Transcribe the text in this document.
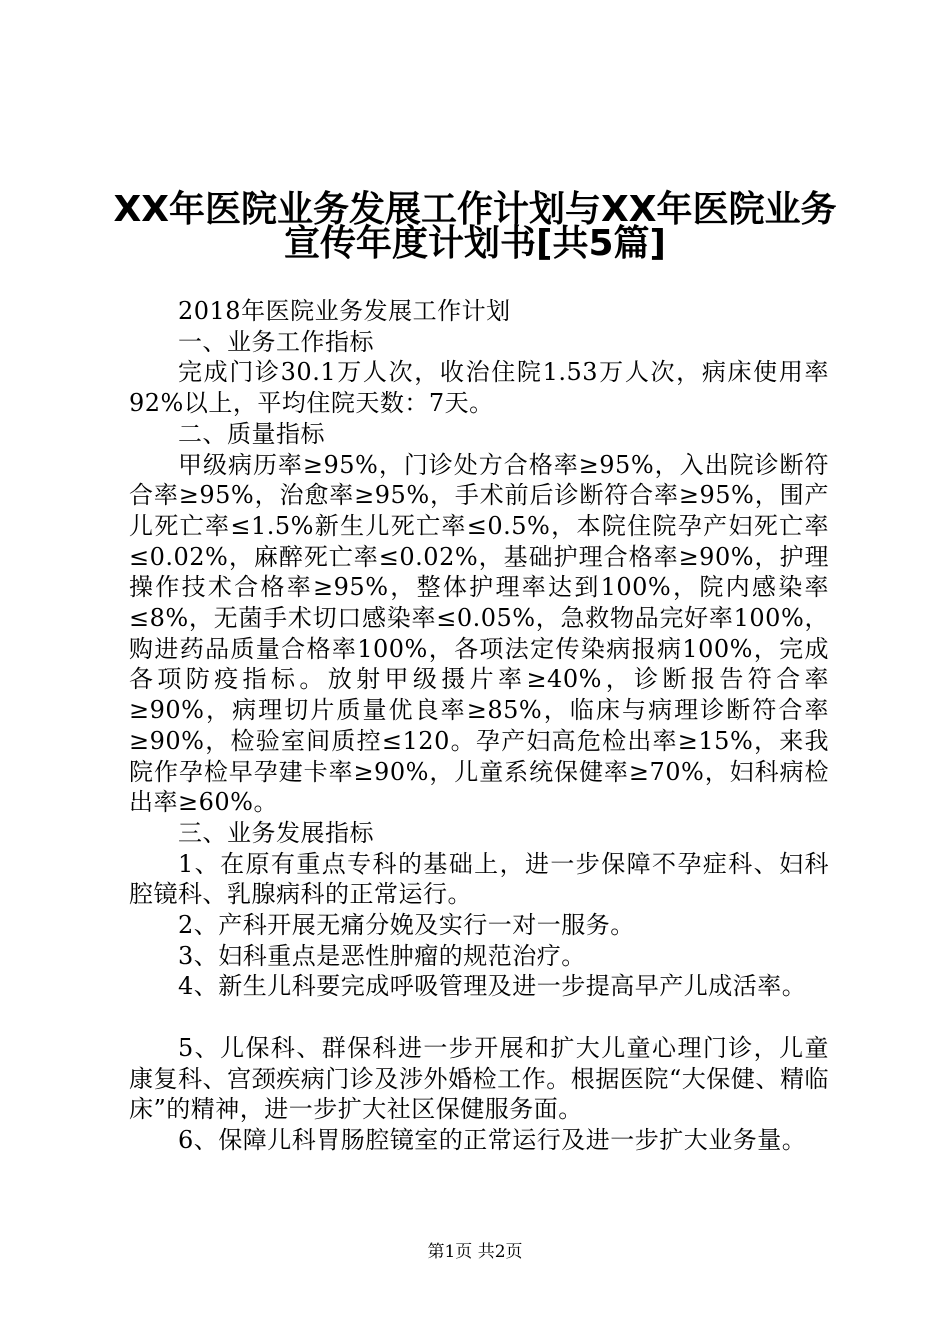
XX年医院业务发展工作计划与XX年医院业务
宣传年度计划书[共5篇]

2018年医院业务发展工作计划

一、业务工作指标

完成门诊30.1万人次，收治住院1.53万人次，病床使用率92%以上，平均住院天数：7天。

二、质量指标

甲级病历率≥95%，门诊处方合格率≥95%，入出院诊断符合率≥95%，治愈率≥95%，手术前后诊断符合率≥95%，围产儿死亡率≤1.5%新生儿死亡率≤0.5%，本院住院孕产妇死亡率≤0.02%，麻醉死亡率≤0.02%，基础护理合格率≥90%，护理操作技术合格率≥95%，整体护理率达到100%，院内感染率≤8%，无菌手术切口感染率≤0.05%，急救物品完好率100%，购进药品质量合格率100%，各项法定传染病报病100%，完成各项防疫指标。放射甲级摄片率≥40%，诊断报告符合率≥90%，病理切片质量优良率≥85%，临床与病理诊断符合率≥90%，检验室间质控≤120。孕产妇高危检出率≥15%，来我院作孕检早孕建卡率≥90%，儿童系统保健率≥70%，妇科病检出率≥60%。

三、业务发展指标

1、在原有重点专科的基础上，进一步保障不孕症科、妇科腔镜科、乳腺病科的正常运行。

2、产科开展无痛分娩及实行一对一服务。

3、妇科重点是恶性肿瘤的规范治疗。

4、新生儿科要完成呼吸管理及进一步提高早产儿成活率。

5、儿保科、群保科进一步开展和扩大儿童心理门诊，儿童康复科、宫颈疾病门诊及涉外婚检工作。根据医院“大保健、精临床”的精神，进一步扩大社区保健服务面。

6、保障儿科胃肠腔镜室的正常运行及进一步扩大业务量。

第1页 共2页
